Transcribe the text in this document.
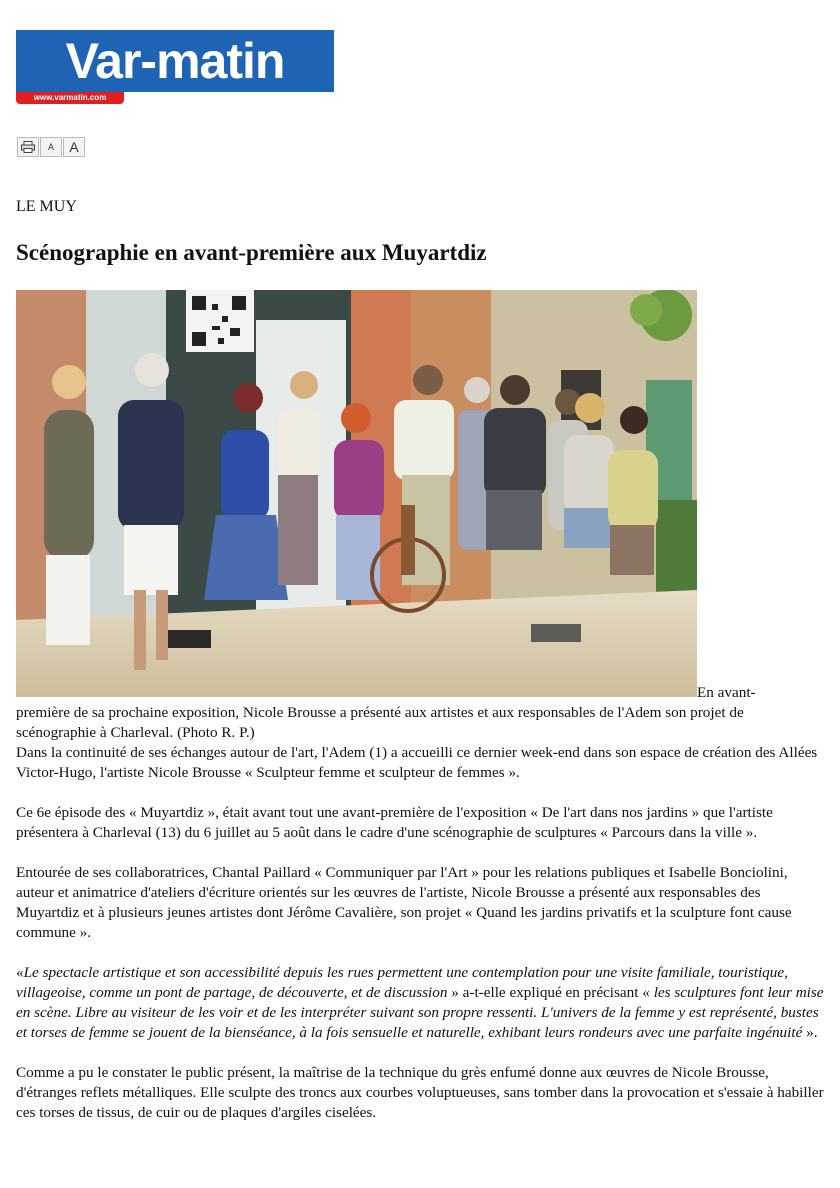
Var-matin
www.varmatin.com
A A
LE MUY
Scénographie en avant-première aux Muyartdiz
En avant-

première de sa prochaine exposition, Nicole Brousse a présenté aux artistes et aux responsables de l'Adem son projet de scénographie à Charleval. (Photo R. P.)

Dans la continuité de ses échanges autour de l'art, l'Adem (1) a accueilli ce dernier week-end dans son espace de création des Allées Victor-Hugo, l'artiste Nicole Brousse « Sculpteur femme et sculpteur de femmes ».

Ce 6e épisode des « Muyartdiz », était avant tout une avant-première de l'exposition « De l'art dans nos jardins » que l'artiste présentera à Charleval (13) du 6 juillet au 5 août dans le cadre d'une scénographie de sculptures « Parcours dans la ville ».

Entourée de ses collaboratrices, Chantal Paillard « Communiquer par l'Art » pour les relations publiques et Isabelle Bonciolini, auteur et animatrice d'ateliers d'écriture orientés sur les œuvres de l'artiste, Nicole Brousse a présenté aux responsables des Muyartdiz et à plusieurs jeunes artistes dont Jérôme Cavalière, son projet « Quand les jardins privatifs et la sculpture font cause commune ».

«Le spectacle artistique et son accessibilité depuis les rues permettent une contemplation pour une visite familiale, touristique, villageoise, comme un pont de partage, de découverte, et de discussion » a-t-elle expliqué en précisant « les sculptures font leur mise en scène. Libre au visiteur de les voir et de les interpréter suivant son propre ressenti. L'univers de la femme y est représenté, bustes et torses de femme se jouent de la bienséance, à la fois sensuelle et naturelle, exhibant leurs rondeurs avec une parfaite ingénuité ».

Comme a pu le constater le public présent, la maîtrise de la technique du grès enfumé donne aux œuvres de Nicole Brousse, d'étranges reflets métalliques. Elle sculpte des troncs aux courbes voluptueuses, sans tomber dans la provocation et s'essaie à habiller ces torses de tissus, de cuir ou de plaques d'argiles ciselées.
